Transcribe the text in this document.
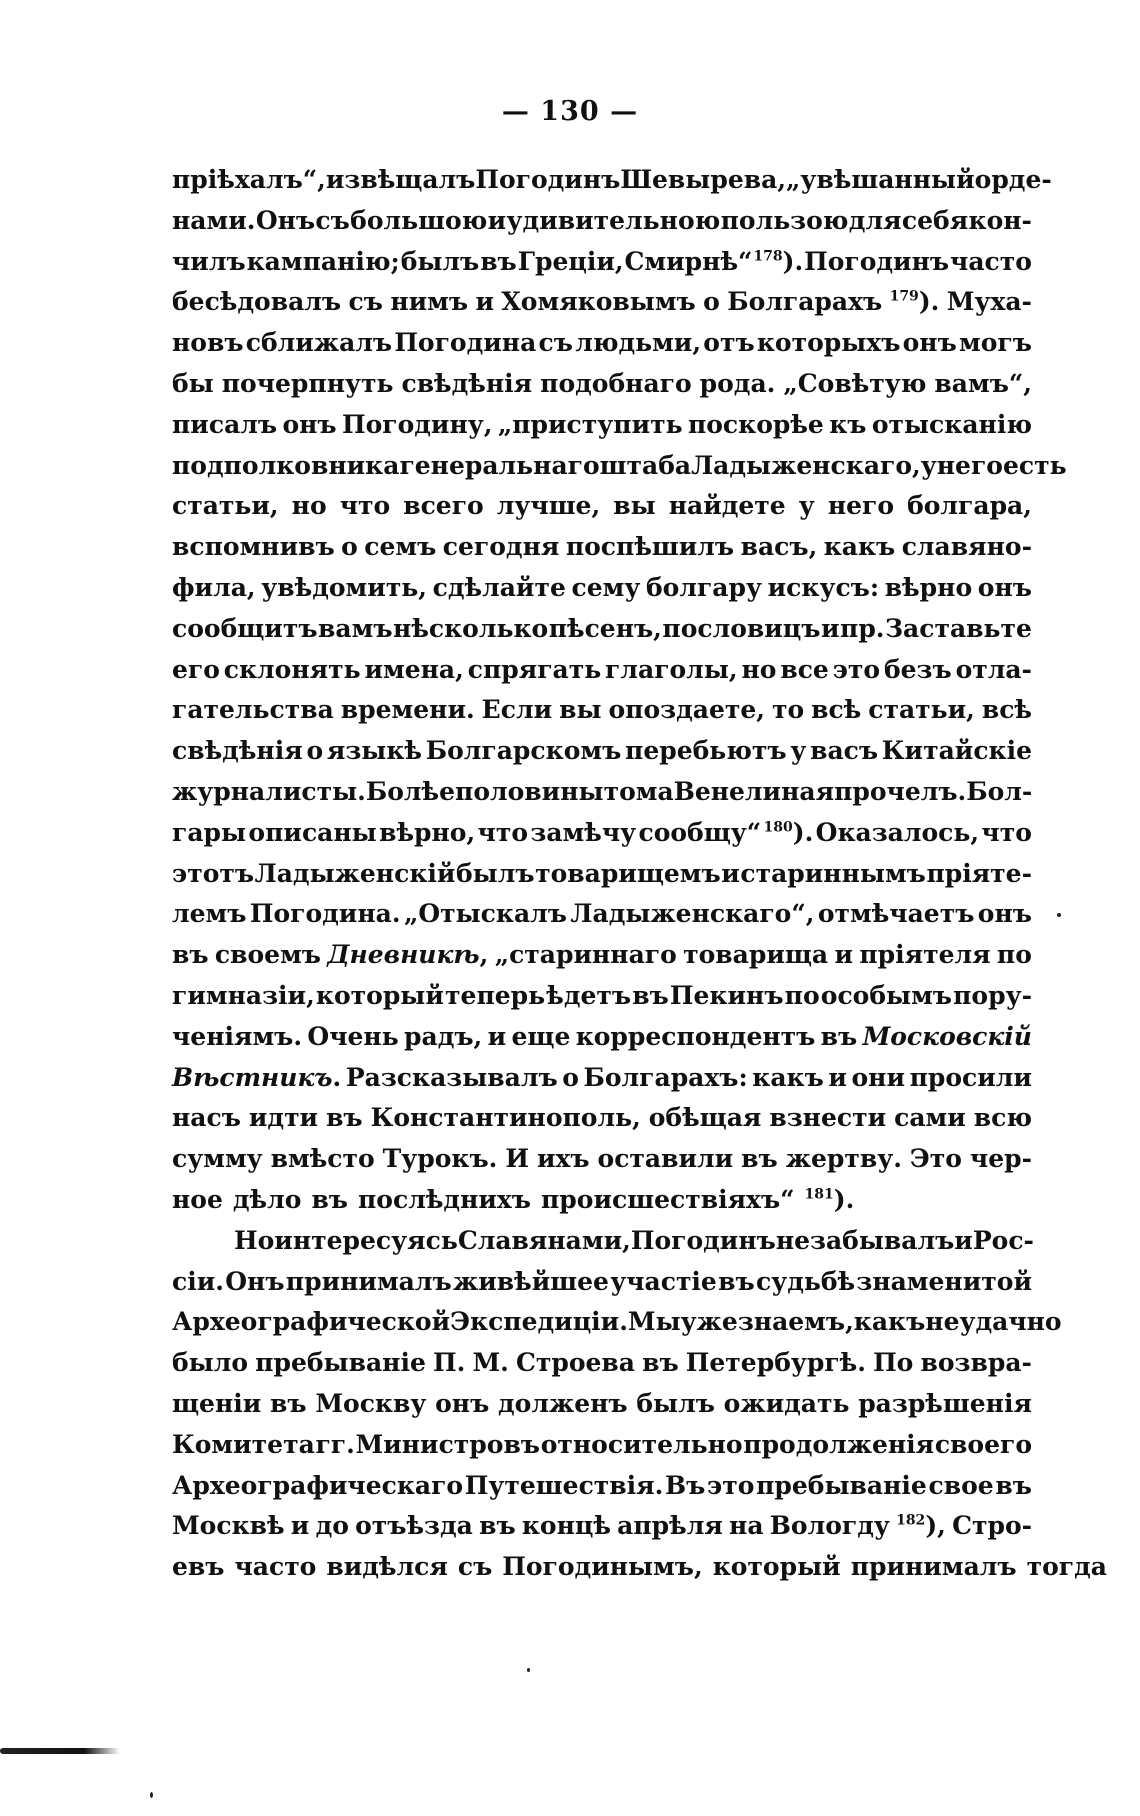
— 130 —
пріѣхалъ“, извѣщалъ Погодинъ Шевырева, „увѣшанный орде-
нами. Онъ съ большою и удивительною пользою для себя кон-
чилъ кампанію; былъ въ Греціи, Смирнѣ“ $^{178}$). Погодинъ часто
бесѣдовалъ съ нимъ и Хомяковымъ о Болгарахъ $^{179}$). Муха-
новъ сближалъ Погодина съ людьми, отъ которыхъ онъ могъ
бы почерпнуть свѣдѣнія подобнаго рода. „Совѣтую вамъ“,
писалъ онъ Погодину, „приступить поскорѣе къ отысканію
подполковника генеральнаго штаба Ладыженскаго, у него есть
статьи, но что всего лучше, вы найдете у него болгара,
вспомнивъ о семъ сегодня поспѣшилъ васъ, какъ славяно-
фила, увѣдомить, сдѣлайте сему болгару искусъ: вѣрно онъ
сообщитъ вамъ нѣсколько пѣсенъ, пословицъ и пр. Заставьте
его склонять имена, спрягать глаголы, но все это безъ отла-
гательства времени. Если вы опоздаете, то всѣ статьи, всѣ
свѣдѣнія о языкѣ Болгарскомъ перебьютъ у васъ Китайскіе
журналисты. Болѣе половины тома Венелина я прочелъ. Бол-
гары описаны вѣрно, что замѣчу сообщу“ $^{180}$). Оказалось, что
этотъ Ладыженскій былъ товарищемъ и стариннымъ пріяте-
лемъ Погодина. „Отыскалъ Ладыженскаго“, отмѣчаетъ онъ
въ своемъ Дневникѣ, „стариннаго товарища и пріятеля по
гимназіи, который теперь ѣдетъ въ Пекинъ по особымъ пору-
ченіямъ. Очень радъ, и еще корреспондентъ въ Московскій
Вѣстникъ. Разсказывалъ о Болгарахъ: какъ и они просили
насъ идти въ Константинополь, обѣщая взнести сами всю
сумму вмѣсто Турокъ. И ихъ оставили въ жертву. Это чер-
ное дѣло въ послѣднихъ происшествіяхъ“ $^{181}$).
Но интересуясь Славянами, Погодинъ не забывалъ и Рос-
сіи. Онъ принималъ живѣйшее участіе въ судьбѣ знаменитой
Археографической Экспедиціи. Мы уже знаемъ, какъ неудачно
было пребываніе П. М. Строева въ Петербургѣ. По возвра-
щеніи въ Москву онъ долженъ былъ ожидать разрѣшенія
Комитета гг. Министровъ относительно продолженія своего
Археографическаго Путешествія. Въ это пребываніе свое въ
Москвѣ и до отъѣзда въ концѣ апрѣля на Вологду $^{182}$), Стро-
евъ часто видѣлся съ Погодинымъ, который принималъ тогда
